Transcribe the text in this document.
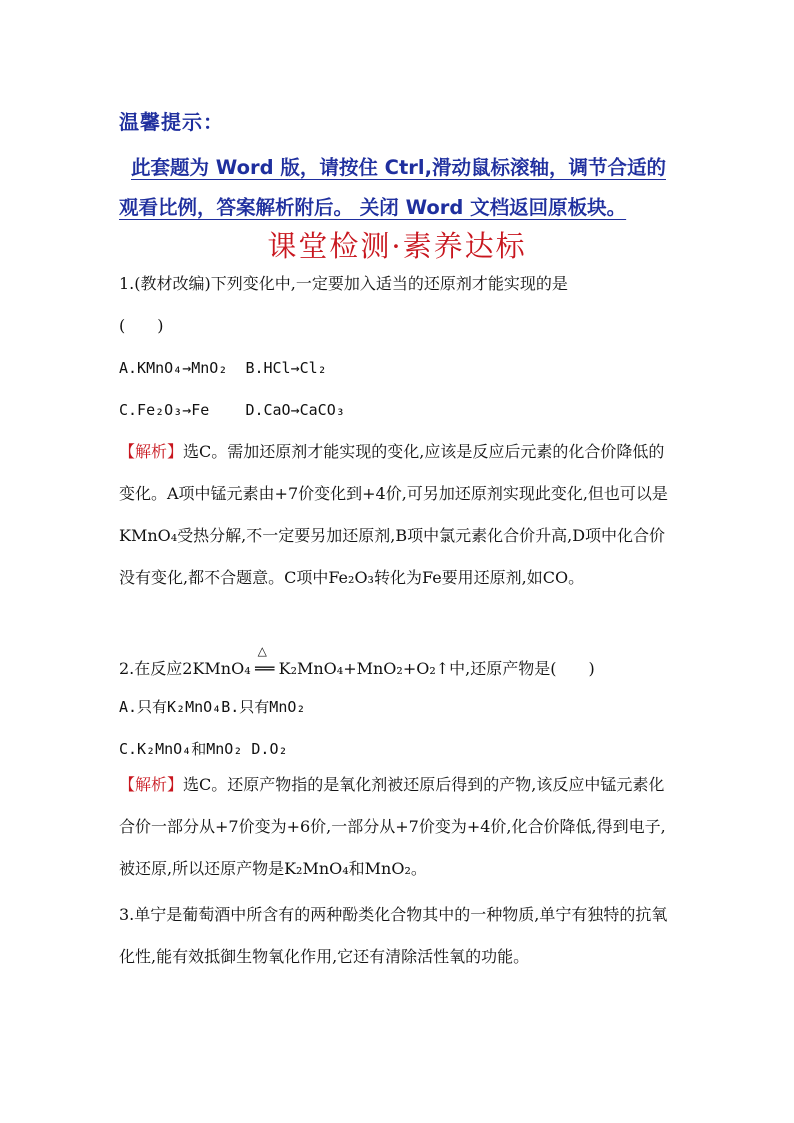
温馨提示：
此套题为 Word 版，请按住 Ctrl,滑动鼠标滚轴，调节合适的观看比例，答案解析附后。 关闭 Word 文档返回原板块。
课堂检测·素养达标

1.(教材改编)下列变化中,一定要加入适当的还原剂才能实现的是

(　　)

A.KMnO₄→MnO₂ B.HCl→Cl₂

C.Fe₂O₃→Fe D.CaO→CaCO₃

【解析】选C。需加还原剂才能实现的变化,应该是反应后元素的化合价降低的变化。A项中锰元素由+7价变化到+4价,可另加还原剂实现此变化,但也可以是KMnO₄受热分解,不一定要另加还原剂,B项中氯元素化合价升高,D项中化合价没有变化,都不合题意。C项中Fe₂O₃转化为Fe要用还原剂,如CO。

2.在反应2KMnO₄
△
══ K₂MnO₄+MnO₂+O₂↑中,还原产物是(　　)

A.只有K₂MnO₄B.只有MnO₂

C.K₂MnO₄和MnO₂ D.O₂

【解析】选C。还原产物指的是氧化剂被还原后得到的产物,该反应中锰元素化合价一部分从+7价变为+6价,一部分从+7价变为+4价,化合价降低,得到电子,被还原,所以还原产物是K₂MnO₄和MnO₂。

3.单宁是葡萄酒中所含有的两种酚类化合物其中的一种物质,单宁有独特的抗氧化性,能有效抵御生物氧化作用,它还有清除活性氧的功能。
